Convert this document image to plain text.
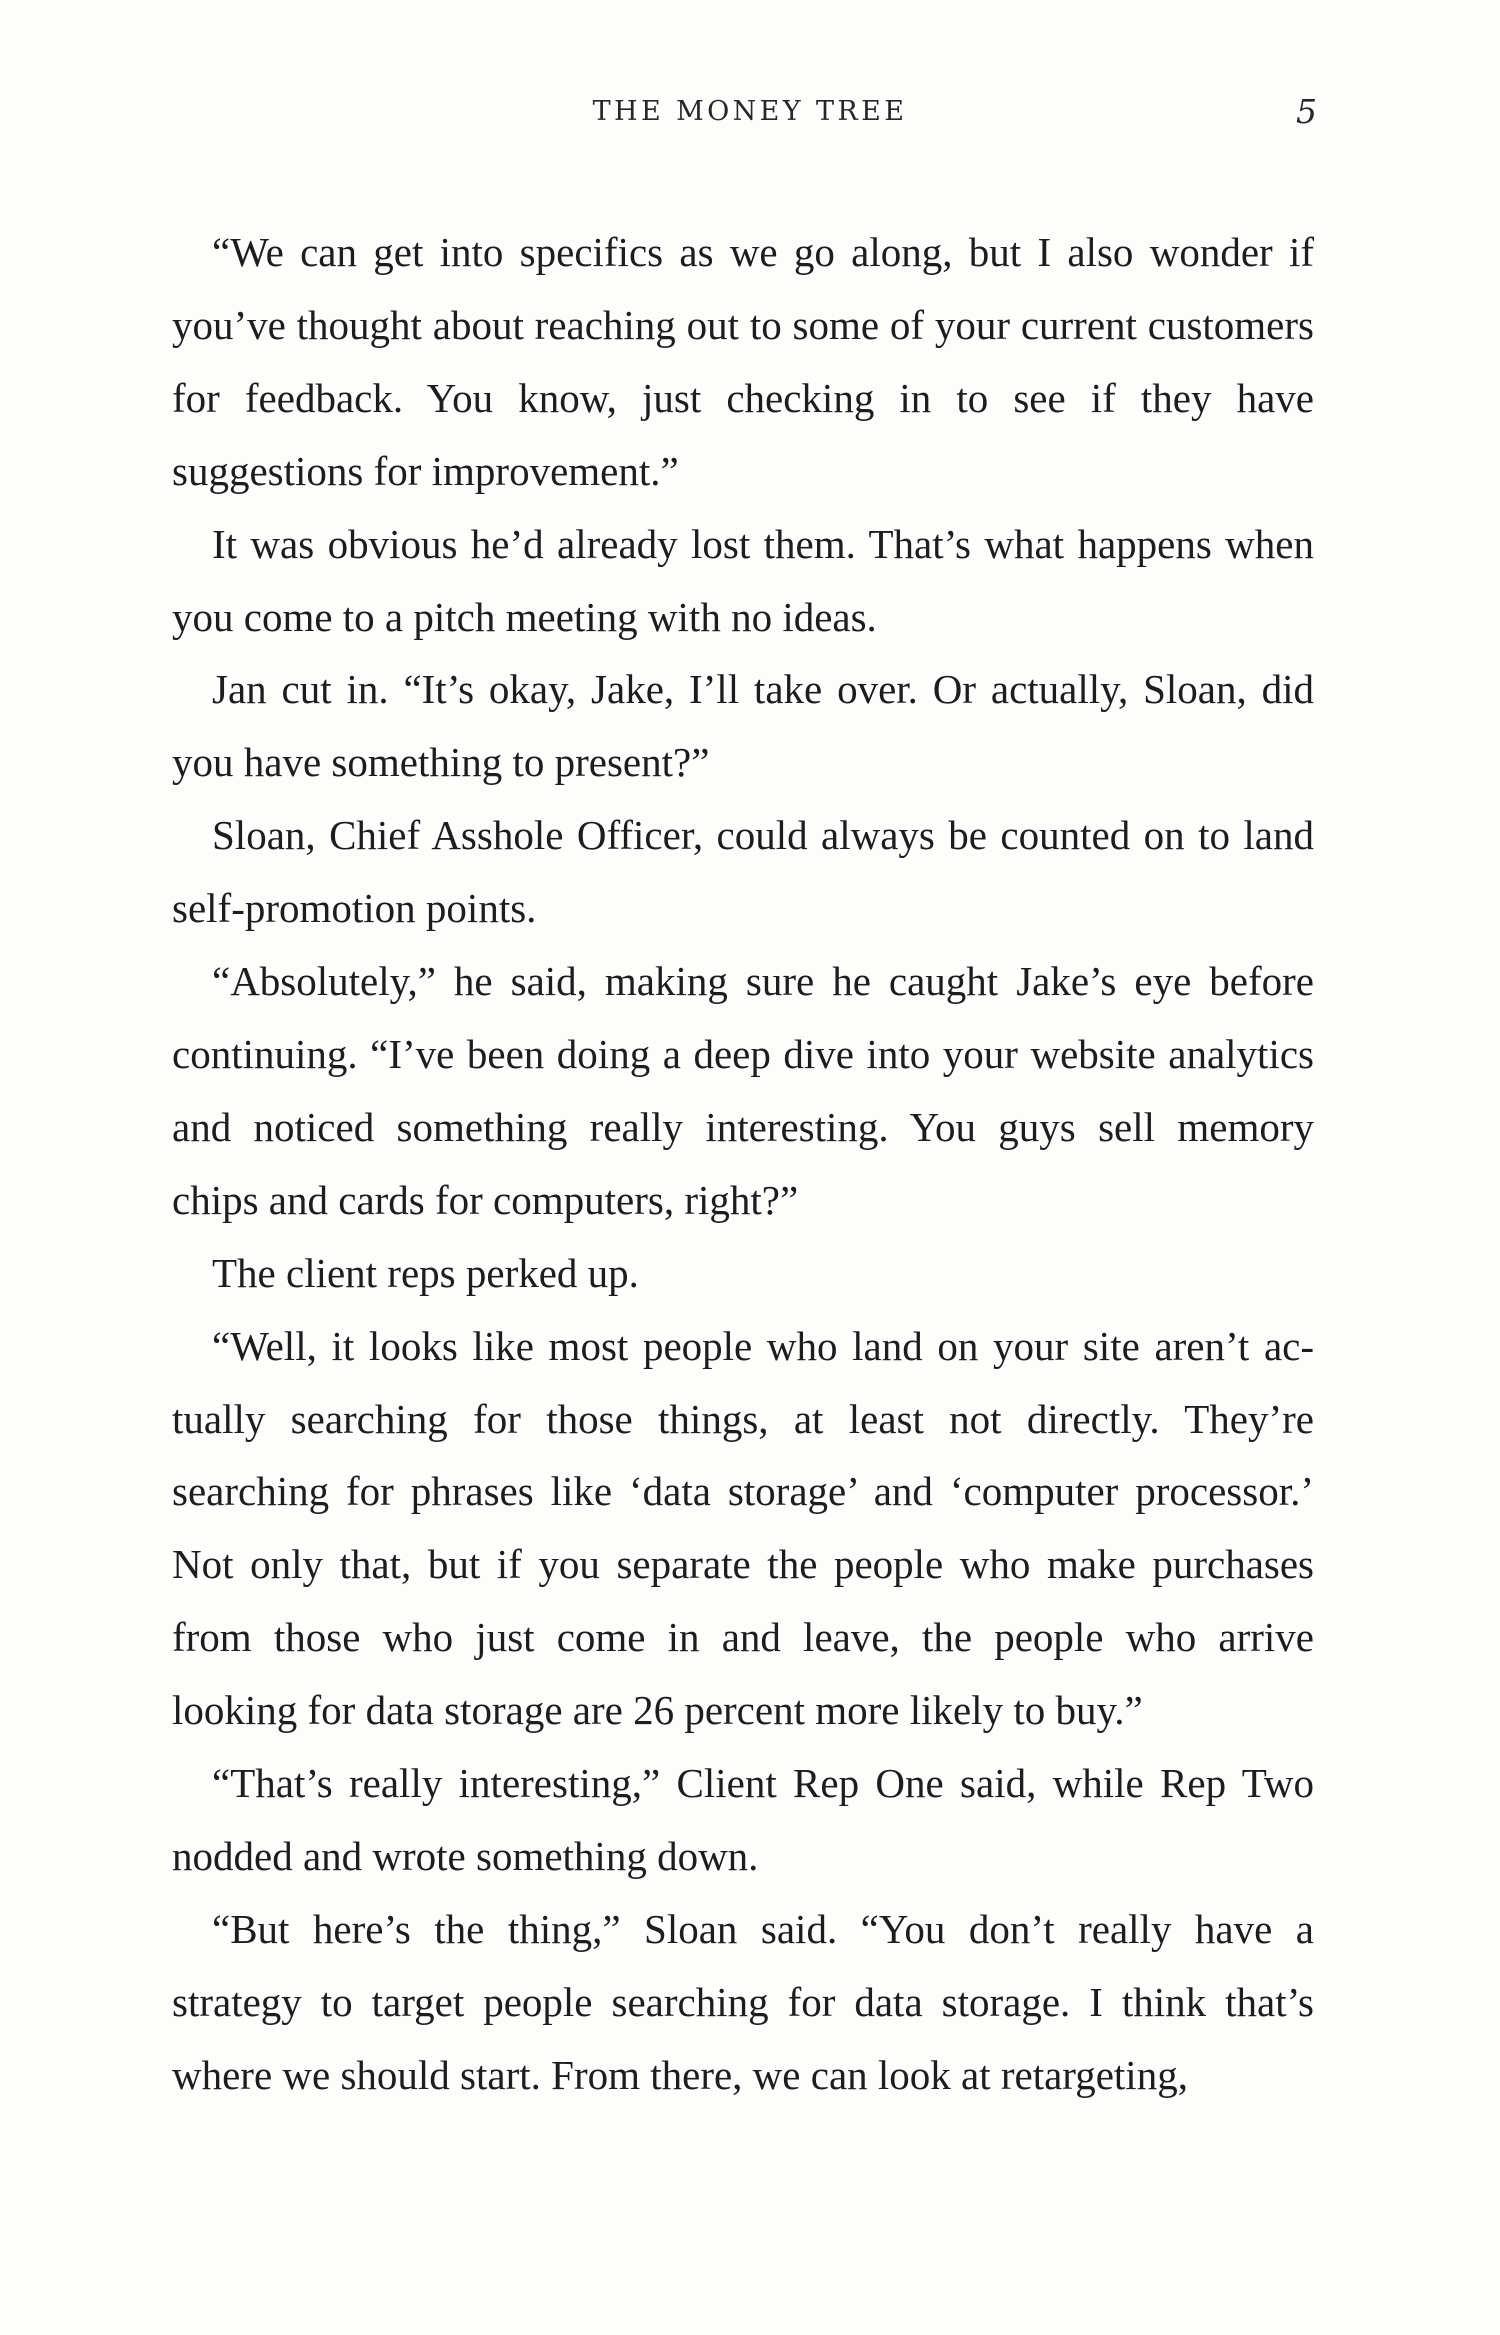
THE MONEY TREE	5

“We can get into specifics as we go along, but I also wonder if you’ve thought about reaching out to some of your current customers for feedback. You know, just checking in to see if they have suggestions for improvement.”

It was obvious he’d already lost them. That’s what happens when you come to a pitch meeting with no ideas.

Jan cut in. “It’s okay, Jake, I’ll take over. Or actually, Sloan, did you have something to present?”

Sloan, Chief Asshole Officer, could always be counted on to land self-promotion points.

“Absolutely,” he said, making sure he caught Jake’s eye before continuing. “I’ve been doing a deep dive into your website analytics and noticed something really interesting. You guys sell memory chips and cards for computers, right?”

The client reps perked up.

“Well, it looks like most people who land on your site aren’t actually searching for those things, at least not directly. They’re searching for phrases like ‘data storage’ and ‘computer processor.’ Not only that, but if you separate the people who make purchases from those who just come in and leave, the people who arrive looking for data storage are 26 percent more likely to buy.”

“That’s really interesting,” Client Rep One said, while Rep Two nodded and wrote something down.

“But here’s the thing,” Sloan said. “You don’t really have a strategy to target people searching for data storage. I think that’s where we should start. From there, we can look at retargeting,
